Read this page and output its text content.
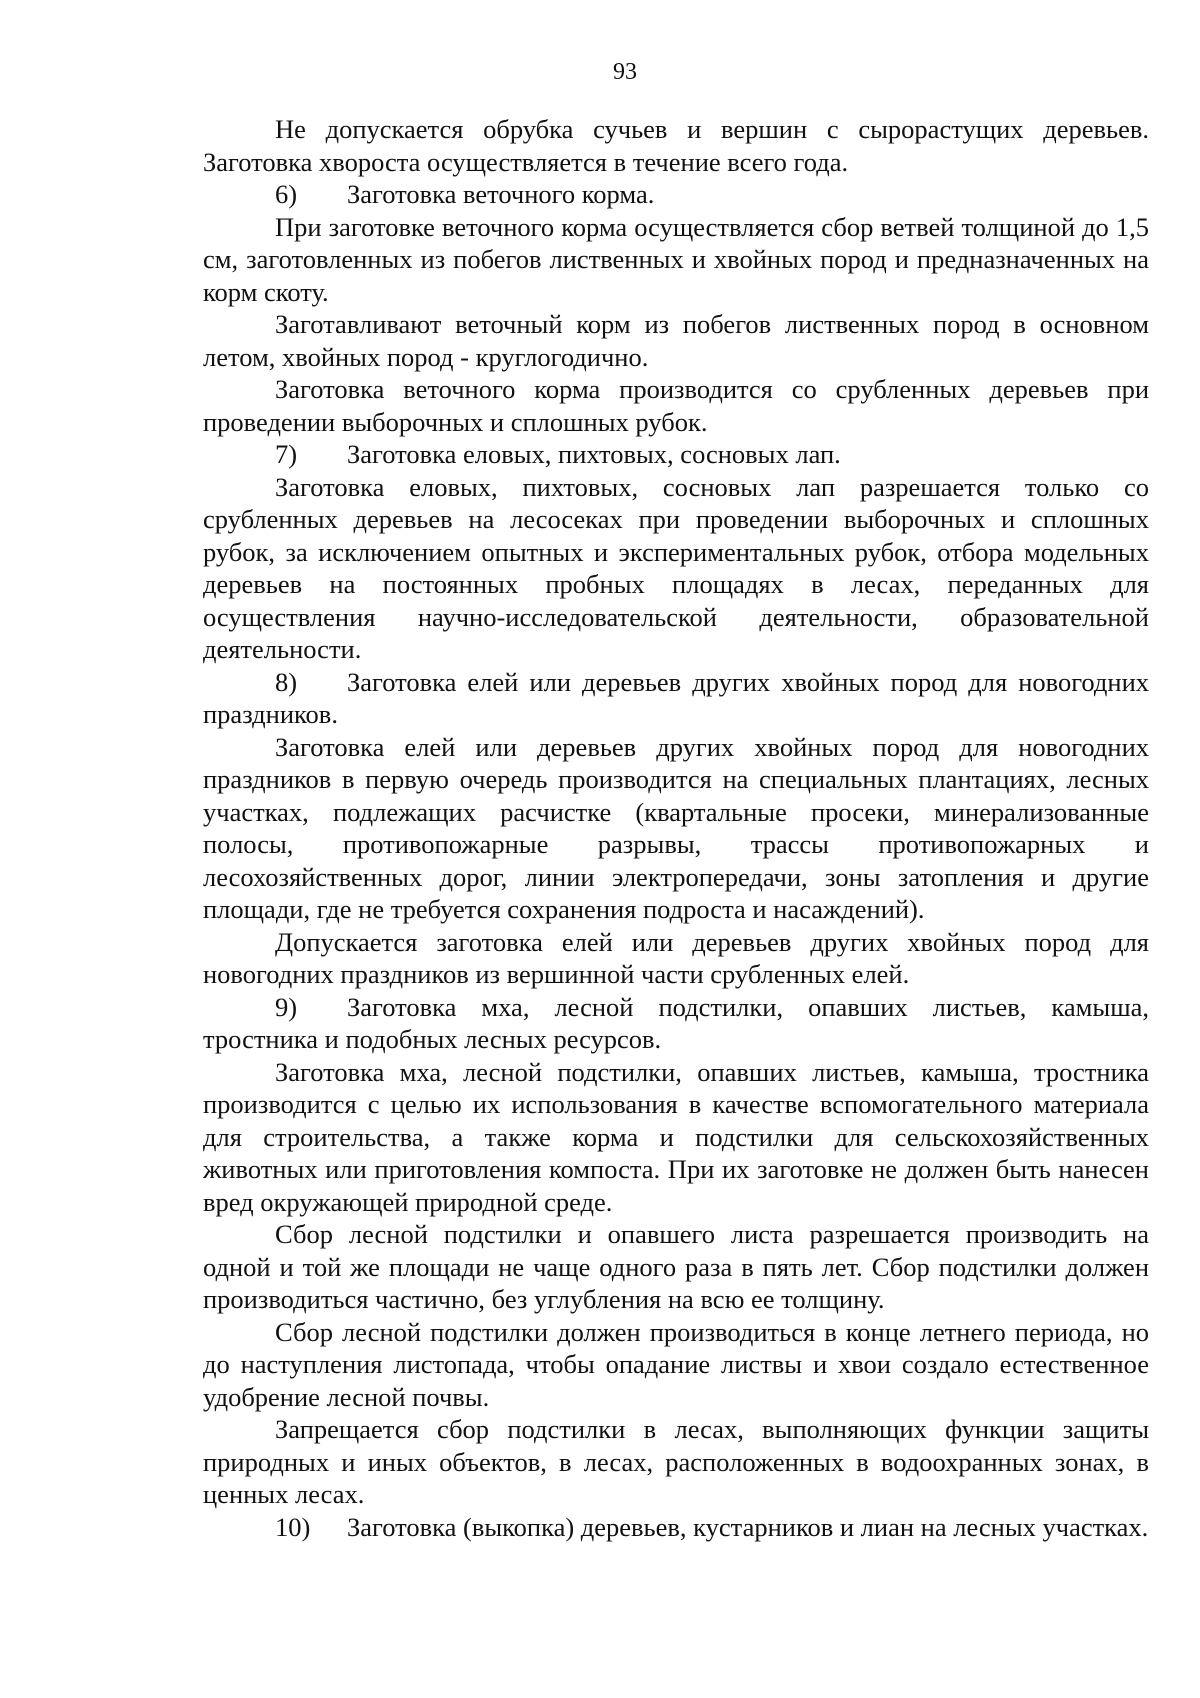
93

Не допускается обрубка сучьев и вершин с сырорастущих деревьев. Заготовка хвороста осуществляется в течение всего года.

6) Заготовка веточного корма.

При заготовке веточного корма осуществляется сбор ветвей толщиной до 1,5 см, заготовленных из побегов лиственных и хвойных пород и предназначенных на корм скоту.

Заготавливают веточный корм из побегов лиственных пород в основном летом, хвойных пород - круглогодично.

Заготовка веточного корма производится со срубленных деревьев при проведении выборочных и сплошных рубок.

7) Заготовка еловых, пихтовых, сосновых лап.

Заготовка еловых, пихтовых, сосновых лап разрешается только со срубленных деревьев на лесосеках при проведении выборочных и сплошных рубок, за исключением опытных и экспериментальных рубок, отбора модельных деревьев на постоянных пробных площадях в лесах, переданных для осуществления научно-исследовательской деятельности, образовательной деятельности.

8) Заготовка елей или деревьев других хвойных пород для новогодних праздников.

Заготовка елей или деревьев других хвойных пород для новогодних праздников в первую очередь производится на специальных плантациях, лесных участках, подлежащих расчистке (квартальные просеки, минерализованные полосы, противопожарные разрывы, трассы противопожарных и лесохозяйственных дорог, линии электропередачи, зоны затопления и другие площади, где не требуется сохранения подроста и насаждений).

Допускается заготовка елей или деревьев других хвойных пород для новогодних праздников из вершинной части срубленных елей.

9) Заготовка мха, лесной подстилки, опавших листьев, камыша, тростника и подобных лесных ресурсов.

Заготовка мха, лесной подстилки, опавших листьев, камыша, тростника производится с целью их использования в качестве вспомогательного материала для строительства, а также корма и подстилки для сельскохозяйственных животных или приготовления компоста. При их заготовке не должен быть нанесен вред окружающей природной среде.

Сбор лесной подстилки и опавшего листа разрешается производить на одной и той же площади не чаще одного раза в пять лет. Сбор подстилки должен производиться частично, без углубления на всю ее толщину.

Сбор лесной подстилки должен производиться в конце летнего периода, но до наступления листопада, чтобы опадание листвы и хвои создало естественное удобрение лесной почвы.

Запрещается сбор подстилки в лесах, выполняющих функции защиты природных и иных объектов, в лесах, расположенных в водоохранных зонах, в ценных лесах.

10) Заготовка (выкопка) деревьев, кустарников и лиан на лесных участках.
